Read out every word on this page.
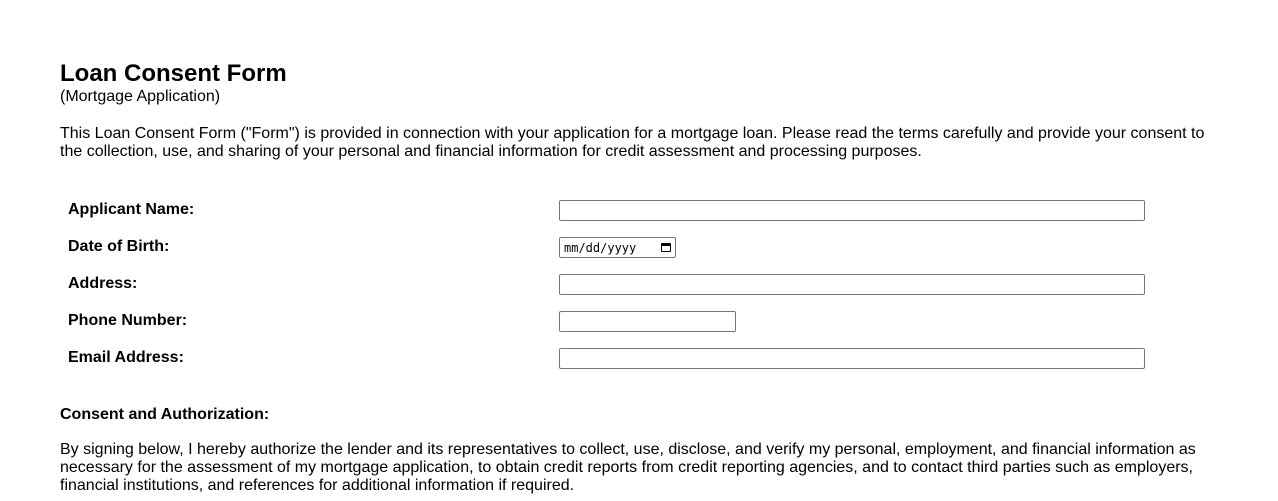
Loan Consent Form
(Mortgage Application)
This Loan Consent Form ("Form") is provided in connection with your application for a mortgage loan. Please read the terms carefully and provide your consent to the collection, use, and sharing of your personal and financial information for credit assessment and processing purposes.
Applicant Name:
Date of Birth:	mm/dd/yyyy
Address:
Phone Number:
Email Address:
Consent and Authorization:
By signing below, I hereby authorize the lender and its representatives to collect, use, disclose, and verify my personal, employment, and financial information as necessary for the assessment of my mortgage application, to obtain credit reports from credit reporting agencies, and to contact third parties such as employers, financial institutions, and references for additional information if required.
